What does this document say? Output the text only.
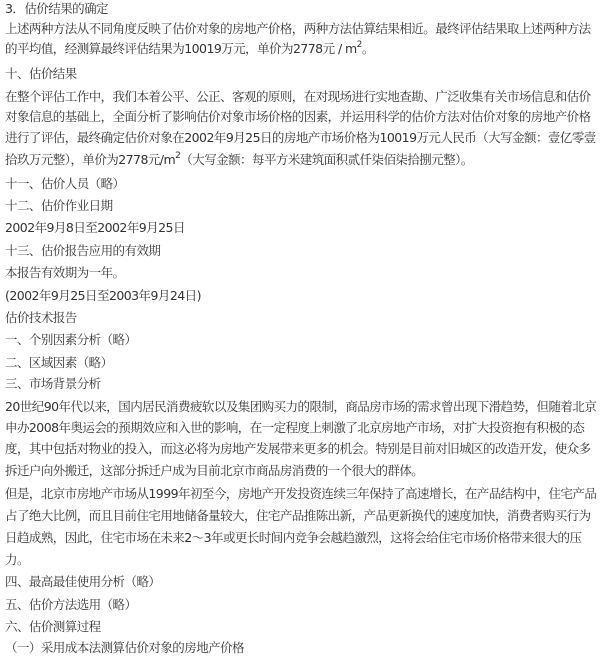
3．估价结果的确定
上述两种方法从不同角度反映了估价对象的房地产价格，两种方法估算结果相近。最终评估结果取上述两种方法
的平均值，经测算最终评估结果为10019万元，单价为2778元 / $m^2$。
十、估价结果
在整个评估工作中，我们本着公平、公正、客观的原则，在对现场进行实地查勘、广泛收集有关市场信息和估价
对象信息的基础上，全面分析了影响估价对象市场价格的因素，并运用科学的估价方法对估价对象的房地产价格
进行了评估，最终确定估价对象在2002年9月25日的房地产市场价格为10019万元人民币（大写金额：壹亿零壹
拾玖万元整），单价为2778元$/m^2$（大写金额：每平方米建筑面积贰仟柒佰柒拾捌元整）。
十一、估价人员（略）
十二、估价作业日期
2002年9月8日至2002年9月25日
十三、估价报告应用的有效期
本报告有效期为一年。
(2002年9月25日至2003年9月24日)
估价技术报告
一、个别因素分析（略）
二、区域因素（略）
三、市场背景分析
20世纪90年代以来，国内居民消费疲软以及集团购买力的限制，商品房市场的需求曾出现下滑趋势，但随着北京
申办2008年奥运会的预期效应和入世的影响，在一定程度上刺激了北京房地产市场，对扩大投资抱有积极的态
度，其中包括对物业的投入，而这必将为房地产发展带来更多的机会。特别是目前对旧城区的改造开发，使众多
拆迁户向外搬迁，这部分拆迁户成为目前北京市商品房消费的一个很大的群体。
但是，北京市房地产市场从1999年初至今，房地产开发投资连续三年保持了高速增长，在产品结构中，住宅产品
占了绝大比例，而且目前住宅用地储备量较大，住宅产品推陈出新，产品更新换代的速度加快，消费者购买行为
日趋成熟，因此，住宅市场在未来2～3年或更长时间内竞争会越趋激烈，这将会给住宅市场价格带来很大的压
力。
四、最高最佳使用分析（略）
五、估价方法选用（略）
六、估价测算过程
（一）采用成本法测算估价对象的房地产价格
